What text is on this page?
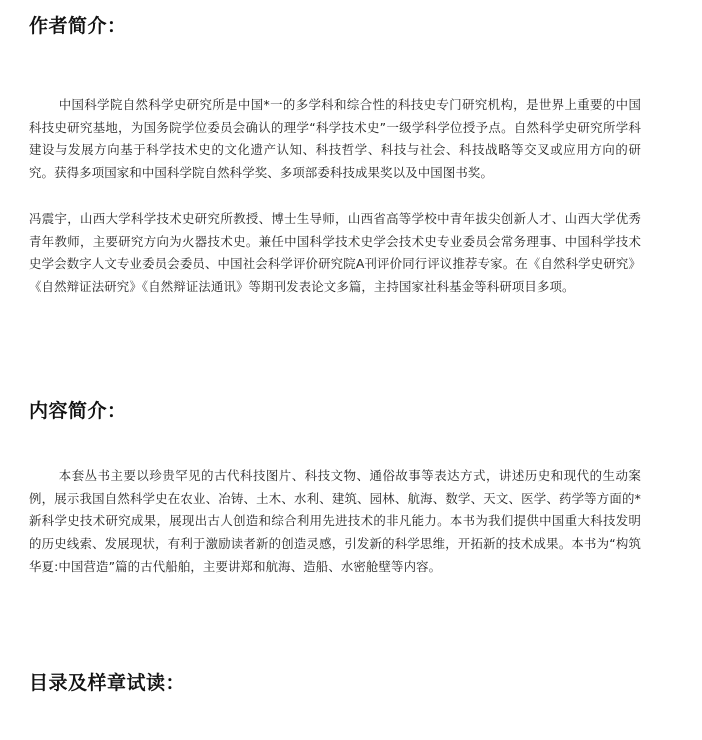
作者简介：

中国科学院自然科学史研究所是中国*一的多学科和综合性的科技史专门研究机构，是世界上重要的中国科技史研究基地，为国务院学位委员会确认的理学“科学技术史”一级学科学位授予点。自然科学史研究所学科建设与发展方向基于科学技术史的文化遗产认知、科技哲学、科技与社会、科技战略等交叉或应用方向的研究。获得多项国家和中国科学院自然科学奖、多项部委科技成果奖以及中国图书奖。

冯震宇，山西大学科学技术史研究所教授、博士生导师，山西省高等学校中青年拔尖创新人才、山西大学优秀青年教师，主要研究方向为火器技术史。兼任中国科学技术史学会技术史专业委员会常务理事、中国科学技术史学会数字人文专业委员会委员、中国社会科学评价研究院A刊评价同行评议推荐专家。在《自然科学史研究》《自然辩证法研究》《自然辩证法通讯》等期刊发表论文多篇，主持国家社科基金等科研项目多项。

内容简介：

本套丛书主要以珍贵罕见的古代科技图片、科技文物、通俗故事等表达方式，讲述历史和现代的生动案例，展示我国自然科学史在农业、冶铸、土木、水利、建筑、园林、航海、数学、天文、医学、药学等方面的*新科学史技术研究成果，展现出古人创造和综合利用先进技术的非凡能力。本书为我们提供中国重大科技发明的历史线索、发展现状，有利于激励读者新的创造灵感，引发新的科学思维，开拓新的技术成果。本书为“构筑华夏:中国营造”篇的古代船舶，主要讲郑和航海、造船、水密舱壁等内容。

目录及样章试读：
